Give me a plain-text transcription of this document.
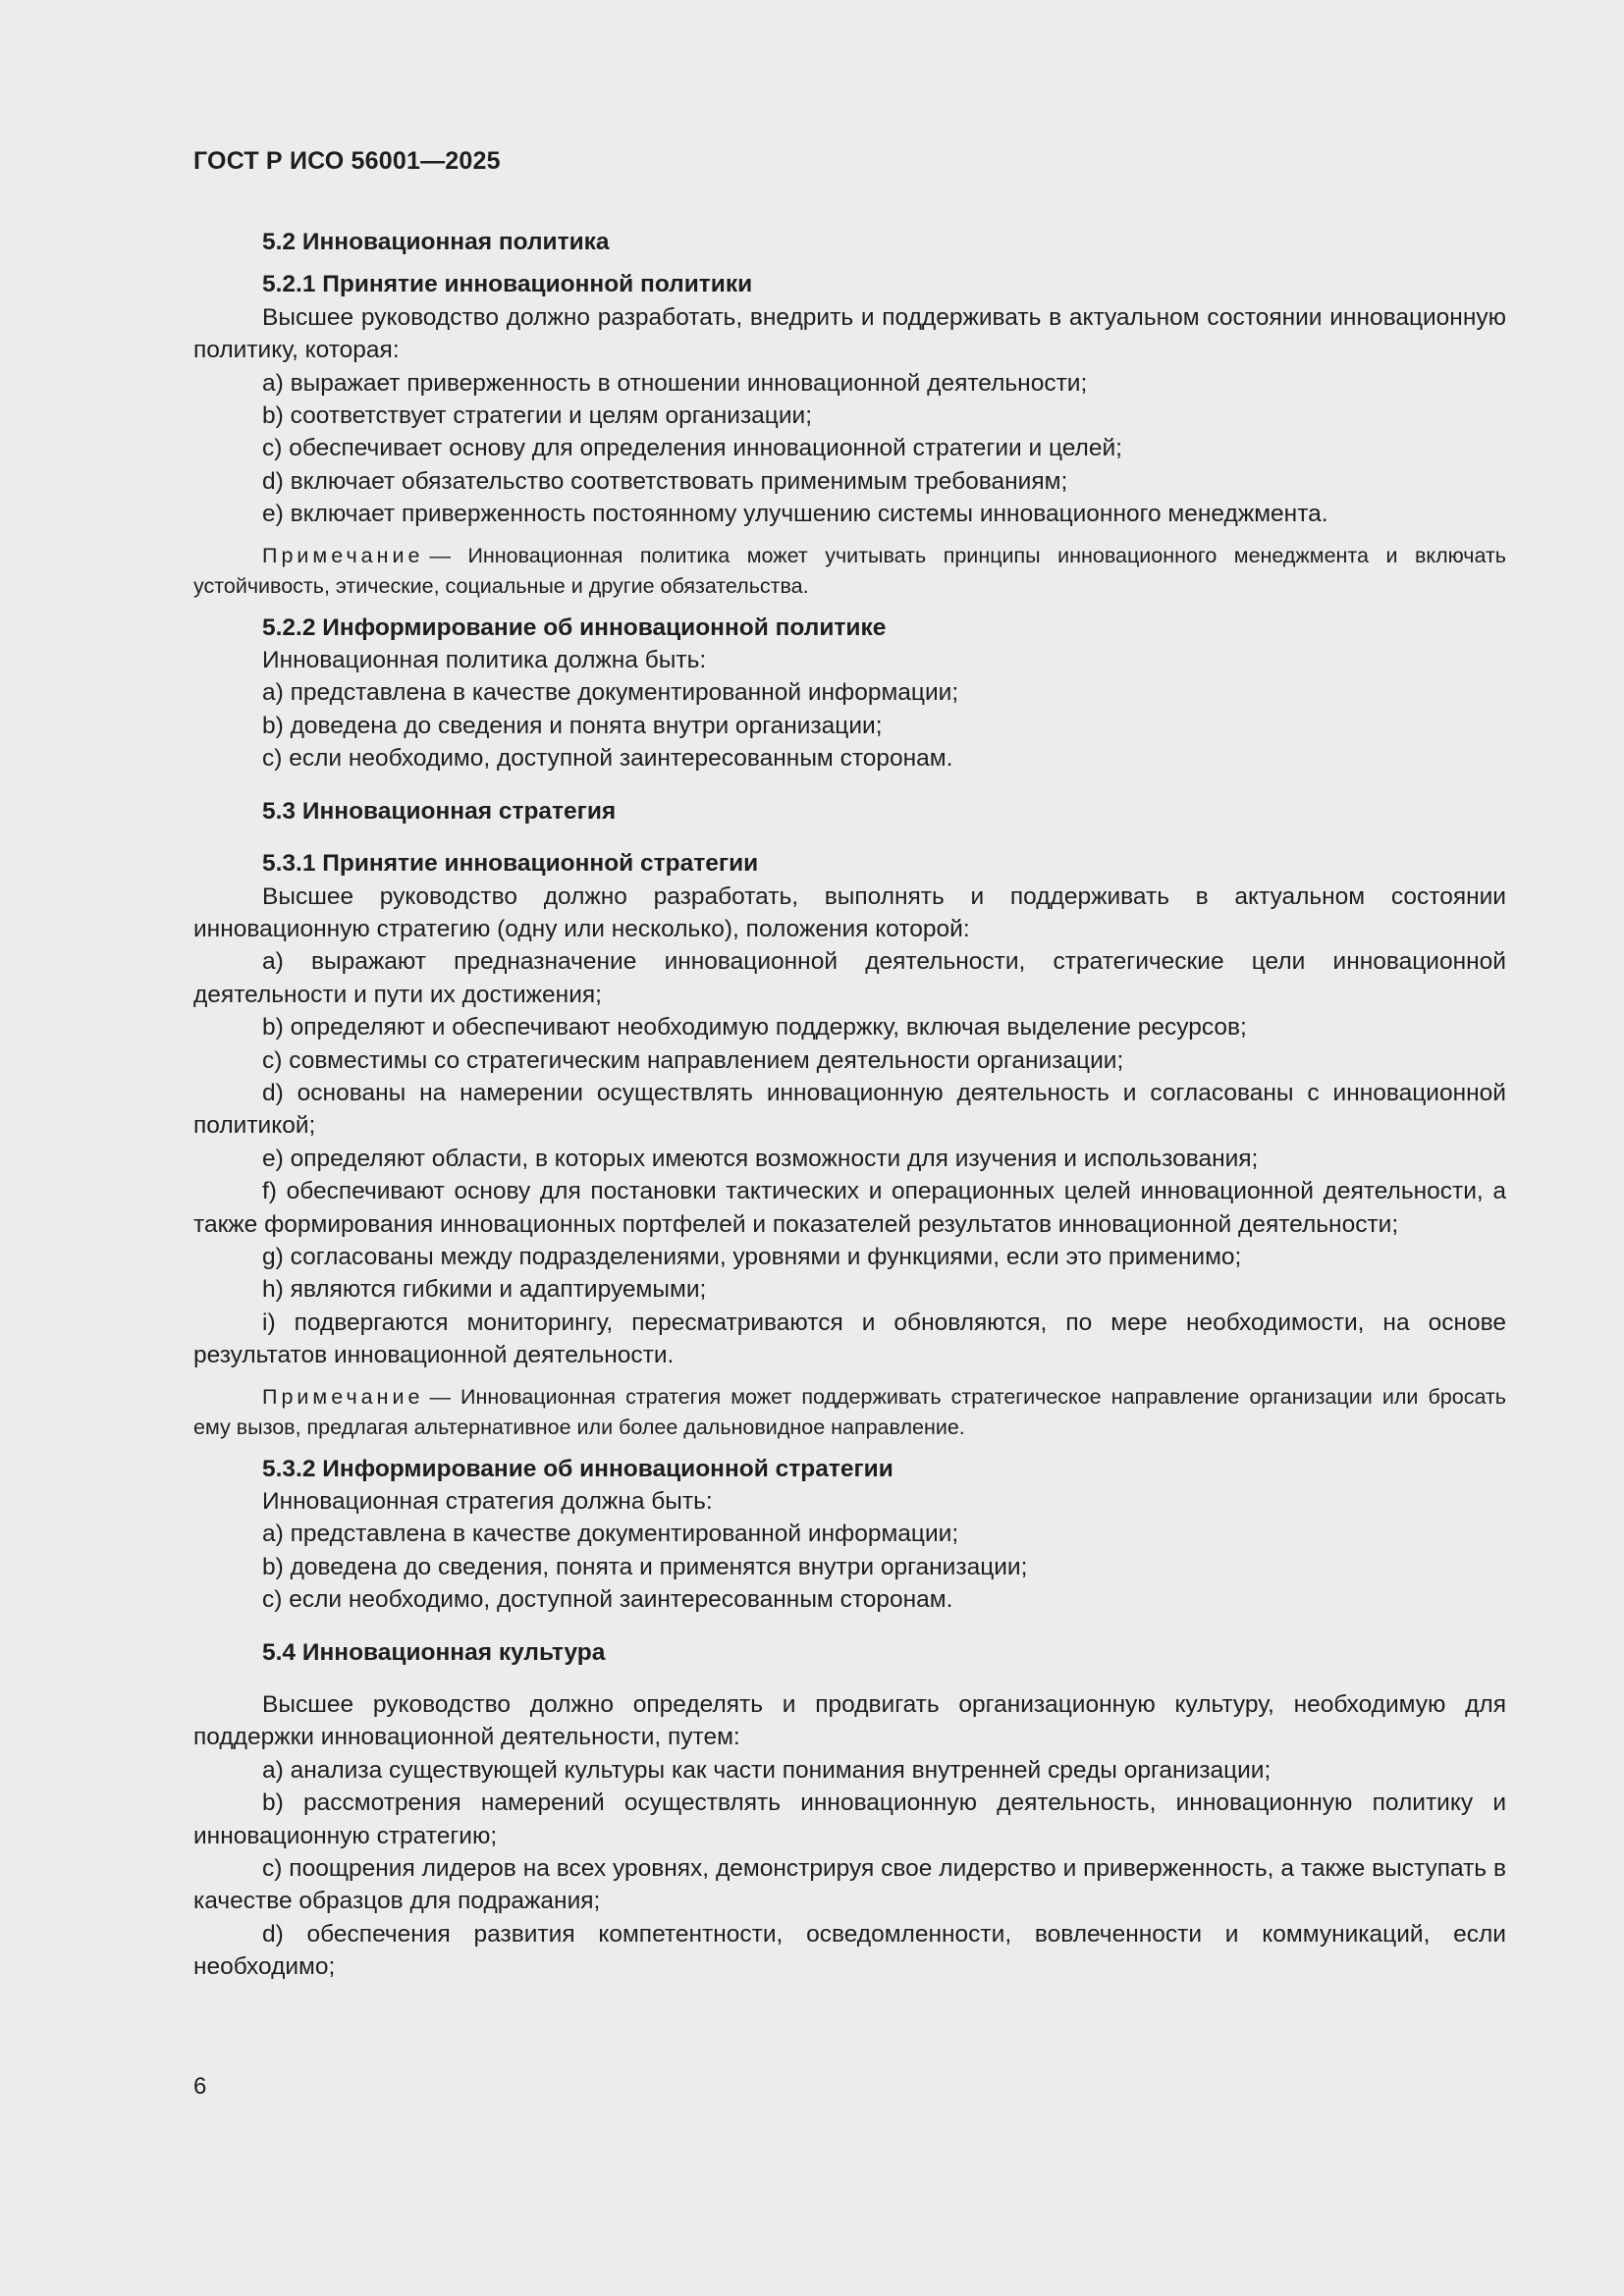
ГОСТ Р ИСО 56001—2025

5.2 Инновационная политика

5.2.1 Принятие инновационной политики

Высшее руководство должно разработать, внедрить и поддерживать в актуальном состоянии инновационную политику, которая:

a) выражает приверженность в отношении инновационной деятельности;

b) соответствует стратегии и целям организации;

c) обеспечивает основу для определения инновационной стратегии и целей;

d) включает обязательство соответствовать применимым требованиям;

e) включает приверженность постоянному улучшению системы инновационного менеджмента.

Примечание — Инновационная политика может учитывать принципы инновационного менеджмента и включать устойчивость, этические, социальные и другие обязательства.

5.2.2 Информирование об инновационной политике

Инновационная политика должна быть:

a) представлена в качестве документированной информации;

b) доведена до сведения и понята внутри организации;

c) если необходимо, доступной заинтересованным сторонам.

5.3 Инновационная стратегия

5.3.1 Принятие инновационной стратегии

Высшее руководство должно разработать, выполнять и поддерживать в актуальном состоянии инновационную стратегию (одну или несколько), положения которой:

a) выражают предназначение инновационной деятельности, стратегические цели инновационной деятельности и пути их достижения;

b) определяют и обеспечивают необходимую поддержку, включая выделение ресурсов;

c) совместимы со стратегическим направлением деятельности организации;

d) основаны на намерении осуществлять инновационную деятельность и согласованы с инновационной политикой;

e) определяют области, в которых имеются возможности для изучения и использования;

f) обеспечивают основу для постановки тактических и операционных целей инновационной деятельности, а также формирования инновационных портфелей и показателей результатов инновационной деятельности;

g) согласованы между подразделениями, уровнями и функциями, если это применимо;

h) являются гибкими и адаптируемыми;

i) подвергаются мониторингу, пересматриваются и обновляются, по мере необходимости, на основе результатов инновационной деятельности.

Примечание — Инновационная стратегия может поддерживать стратегическое направление организации или бросать ему вызов, предлагая альтернативное или более дальновидное направление.

5.3.2 Информирование об инновационной стратегии

Инновационная стратегия должна быть:

a) представлена в качестве документированной информации;

b) доведена до сведения, понята и применятся внутри организации;

c) если необходимо, доступной заинтересованным сторонам.

5.4 Инновационная культура

Высшее руководство должно определять и продвигать организационную культуру, необходимую для поддержки инновационной деятельности, путем:

a) анализа существующей культуры как части понимания внутренней среды организации;

b) рассмотрения намерений осуществлять инновационную деятельность, инновационную политику и инновационную стратегию;

c) поощрения лидеров на всех уровнях, демонстрируя свое лидерство и приверженность, а также выступать в качестве образцов для подражания;

d) обеспечения развития компетентности, осведомленности, вовлеченности и коммуникаций, если необходимо;

6
